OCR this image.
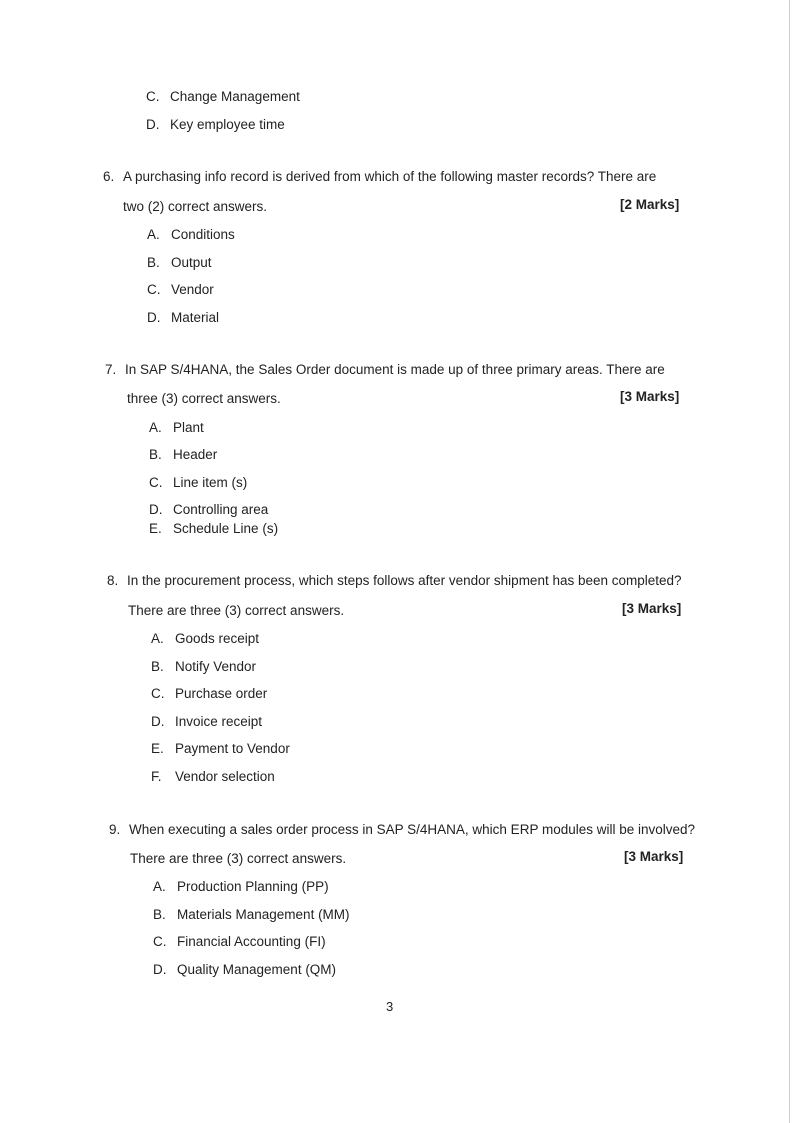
C. Change Management
D. Key employee time
6. A purchasing info record is derived from which of the following master records? There are
two (2) correct answers.	[2 Marks]
A. Conditions
B. Output
C. Vendor
D. Material
7. In SAP S/4HANA, the Sales Order document is made up of three primary areas. There are
three (3) correct answers.	[3 Marks]
A. Plant
B. Header
C. Line item (s)
D. Controlling area
E. Schedule Line (s)
8. In the procurement process, which steps follows after vendor shipment has been completed?
There are three (3) correct answers.	[3 Marks]
A. Goods receipt
B. Notify Vendor
C. Purchase order
D. Invoice receipt
E. Payment to Vendor
F. Vendor selection
9. When executing a sales order process in SAP S/4HANA, which ERP modules will be involved?
There are three (3) correct answers.	[3 Marks]
A. Production Planning (PP)
B. Materials Management (MM)
C. Financial Accounting (FI)
D. Quality Management (QM)
3
